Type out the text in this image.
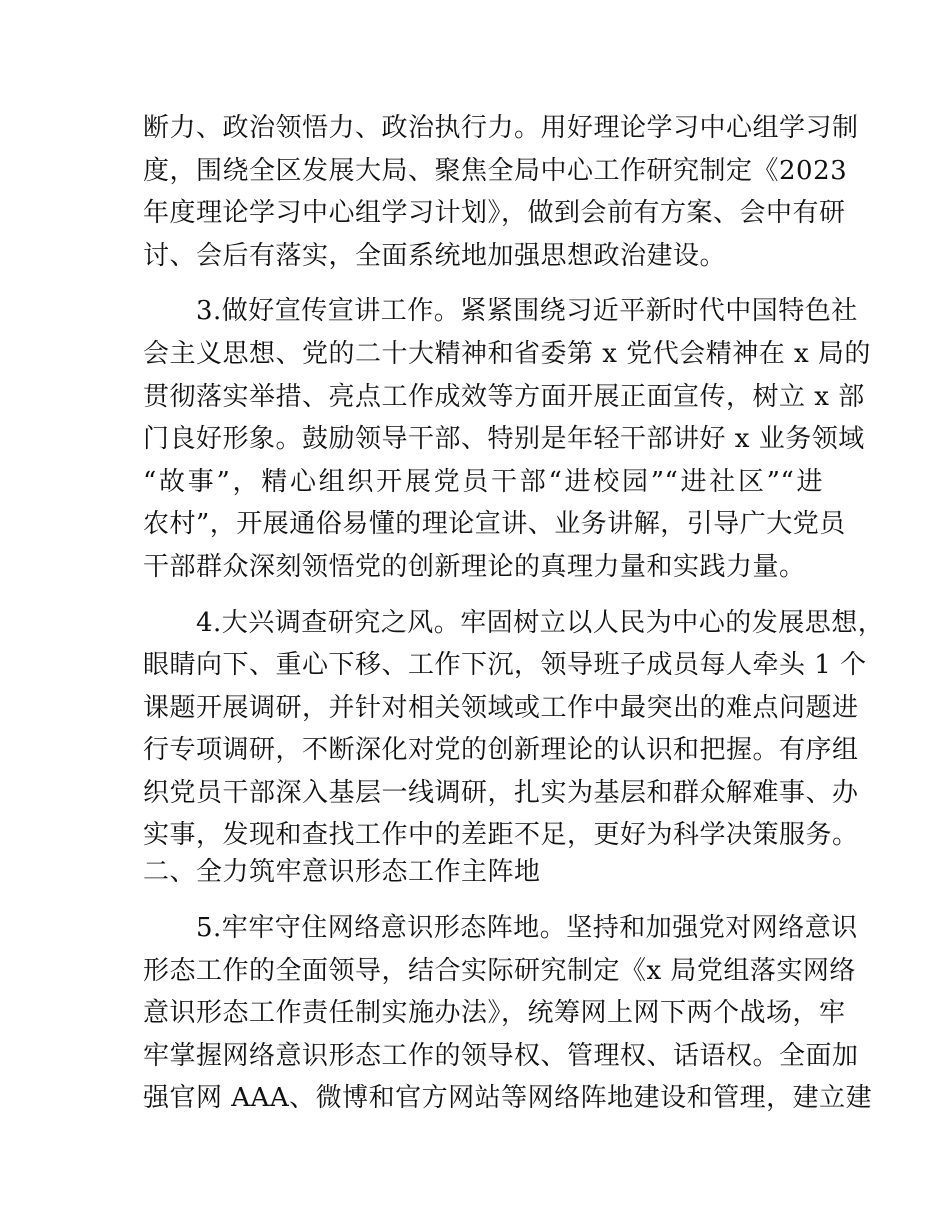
断力、政治领悟力、政治执行力。用好理论学习中心组学习制
度，围绕全区发展大局、聚焦全局中心工作研究制定《2023
年度理论学习中心组学习计划》，做到会前有方案、会中有研
讨、会后有落实，全面系统地加强思想政治建设。
3.做好宣传宣讲工作。紧紧围绕习近平新时代中国特色社
会主义思想、党的二十大精神和省委第 x 党代会精神在 x 局的
贯彻落实举措、亮点工作成效等方面开展正面宣传，树立 x 部
门良好形象。鼓励领导干部、特别是年轻干部讲好 x 业务领域
“故事”，精心组织开展党员干部“进校园”“进社区”“进
农村”，开展通俗易懂的理论宣讲、业务讲解，引导广大党员
干部群众深刻领悟党的创新理论的真理力量和实践力量。
4.大兴调查研究之风。牢固树立以人民为中心的发展思想，
眼睛向下、重心下移、工作下沉，领导班子成员每人牵头 1 个
课题开展调研，并针对相关领域或工作中最突出的难点问题进
行专项调研，不断深化对党的创新理论的认识和把握。有序组
织党员干部深入基层一线调研，扎实为基层和群众解难事、办
实事，发现和查找工作中的差距不足，更好为科学决策服务。
二、全力筑牢意识形态工作主阵地
5.牢牢守住网络意识形态阵地。坚持和加强党对网络意识
形态工作的全面领导，结合实际研究制定《x 局党组落实网络
意识形态工作责任制实施办法》，统筹网上网下两个战场，牢
牢掌握网络意识形态工作的领导权、管理权、话语权。全面加
强官网 AAA、微博和官方网站等网络阵地建设和管理，建立建
